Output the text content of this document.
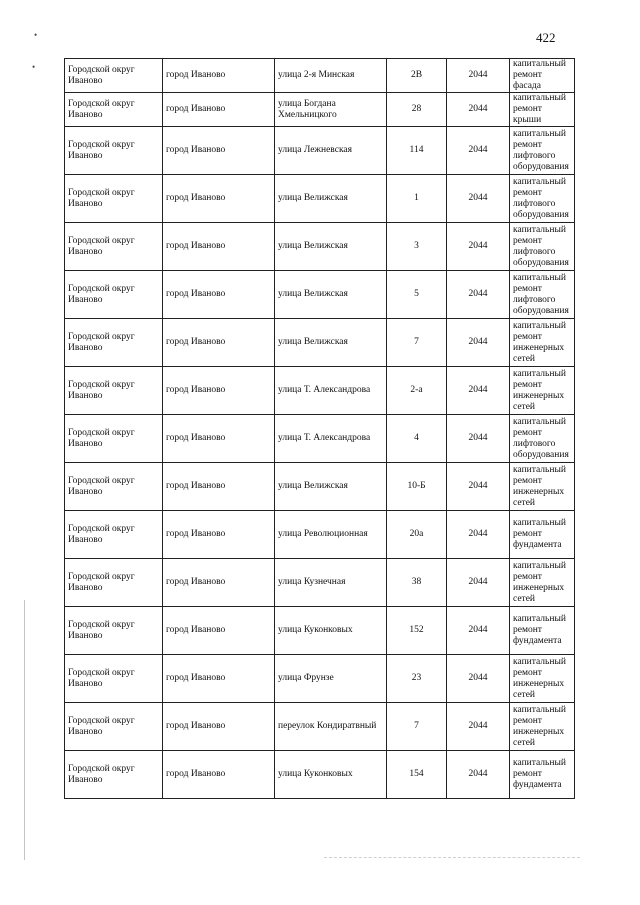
422
•
•	Городской округ Иваново	город Иваново	улица 2-я Минская	2В	2044	капитальный ремонт фасада
Городской округ Иваново	город Иваново	улица Богдана Хмельницкого	28	2044	капитальный ремонт крыши
Городской округ Иваново	город Иваново	улица Лежневская	114	2044	капитальный ремонт лифтового оборудования
Городской округ Иваново	город Иваново	улица Велижская	1	2044	капитальный ремонт лифтового оборудования
Городской округ Иваново	город Иваново	улица Велижская	3	2044	капитальный ремонт лифтового оборудования
Городской округ Иваново	город Иваново	улица Велижская	5	2044	капитальный ремонт лифтового оборудования
Городской округ Иваново	город Иваново	улица Велижская	7	2044	капитальный ремонт инженерных сетей
Городской округ Иваново	город Иваново	улица Т. Александрова	2-а	2044	капитальный ремонт инженерных сетей
Городской округ Иваново	город Иваново	улица Т. Александрова	4	2044	капитальный ремонт лифтового оборудования
Городской округ Иваново	город Иваново	улица Велижская	10-Б	2044	капитальный ремонт инженерных сетей
Городской округ Иваново	город Иваново	улица Революционная	20а	2044	капитальный ремонт фундамента
Городской округ Иваново	город Иваново	улица Кузнечная	38	2044	капитальный ремонт инженерных сетей
Городской округ Иваново	город Иваново	улица Куконковых	152	2044	капитальный ремонт фундамента
Городской округ Иваново	город Иваново	улица Фрунзе	23	2044	капитальный ремонт инженерных сетей
Городской округ Иваново	город Иваново	переулок Кондиратвный	7	2044	капитальный ремонт инженерных сетей
Городской округ Иваново	город Иваново	улица Куконковых	154	2044	капитальный ремонт фундамента
